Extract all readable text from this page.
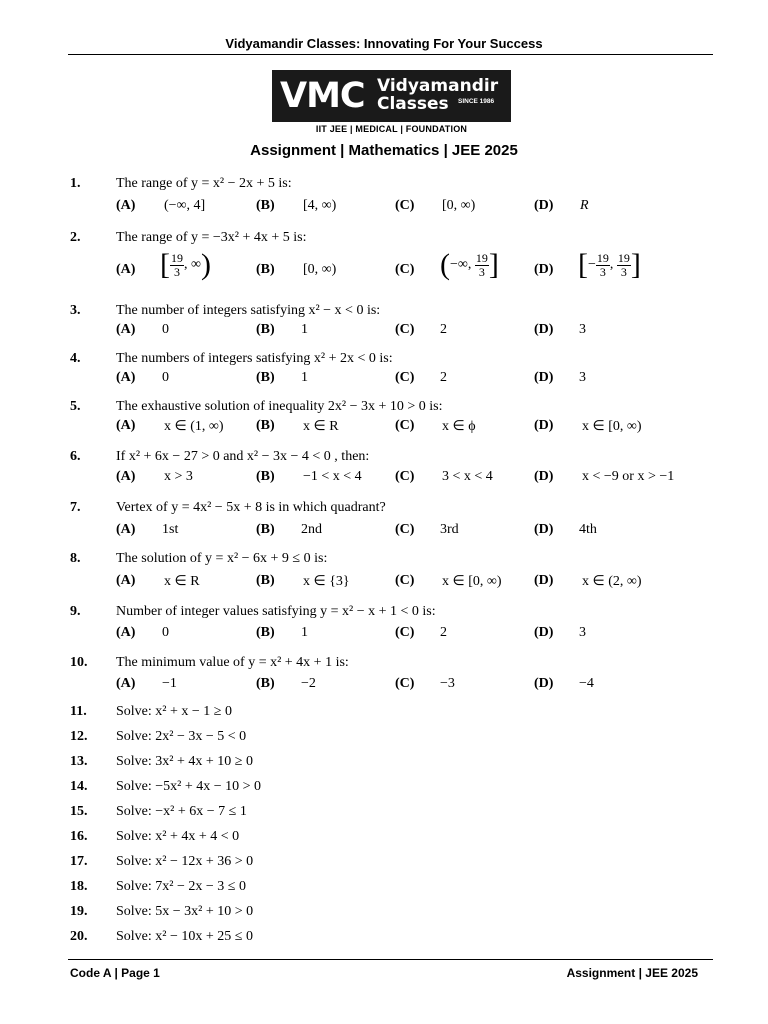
Vidyamandir Classes: Innovating For Your Success
VMC Vidyamandir
Classes	SINCE 1986
IIT JEE | MEDICAL | FOUNDATION
Assignment | Mathematics | JEE 2025
1.	The range of y = x² − 2x + 5 is:
(A) (−∞, 4]	(B) [4, ∞)	(C) [0, ∞)	(D) R
2.	The range of y = −3x² + 4x + 5 is:
(A) [ $\frac{19}{3}$ , ∞)	(B) [0, ∞)	(C) (−∞, $\frac{19}{3}$ ]	(D) [− $\frac{19}{3}$ , $\frac{19}{3}$ ]
3.	The number of integers satisfying x² − x < 0 is:
(A) 0	(B) 1	(C) 2	(D) 3
4.	The numbers of integers satisfying x² + 2x < 0 is:
(A) 0	(B) 1	(C) 2	(D) 3
5.	The exhaustive solution of inequality 2x² − 3x + 10 > 0 is:
(A) x ∈ (1, ∞) (B) x ∈ R	(C) x ∈ ϕ	(D) x ∈ [0, ∞)
6.	If x² + 6x − 27 > 0 and x² − 3x − 4 < 0 , then:
(A) x > 3	(B) −1 < x < 4 (C) 3 < x < 4	(D) x < −9 or x > −1
7.	Vertex of y = 4x² − 5x + 8 is in which quadrant?
(A) 1st	(B) 2nd	(C) 3rd	(D) 4th
8.	The solution of y = x² − 6x + 9 ≤ 0 is:
(A) x ∈ R	(B) x ∈ {3}	(C) x ∈ [0, ∞) (D) x ∈ (2, ∞)
9.	Number of integer values satisfying y = x² − x + 1 < 0 is:
(A) 0	(B) 1	(C) 2	(D) 3
10. The minimum value of y = x² + 4x + 1 is:
(A) −1	(B) −2	(C) −3	(D) −4
11. Solve: x² + x − 1 ≥ 0
12. Solve: 2x² − 3x − 5 < 0
13. Solve: 3x² + 4x + 10 ≥ 0
14. Solve: −5x² + 4x − 10 > 0
15. Solve: −x² + 6x − 7 ≤ 1
16. Solve: x² + 4x + 4 < 0
17. Solve: x² − 12x + 36 > 0
18. Solve: 7x² − 2x − 3 ≤ 0
19. Solve: 5x − 3x² + 10 > 0
20. Solve: x² − 10x + 25 ≤ 0
Code A | Page 1	Assignment | JEE 2025
